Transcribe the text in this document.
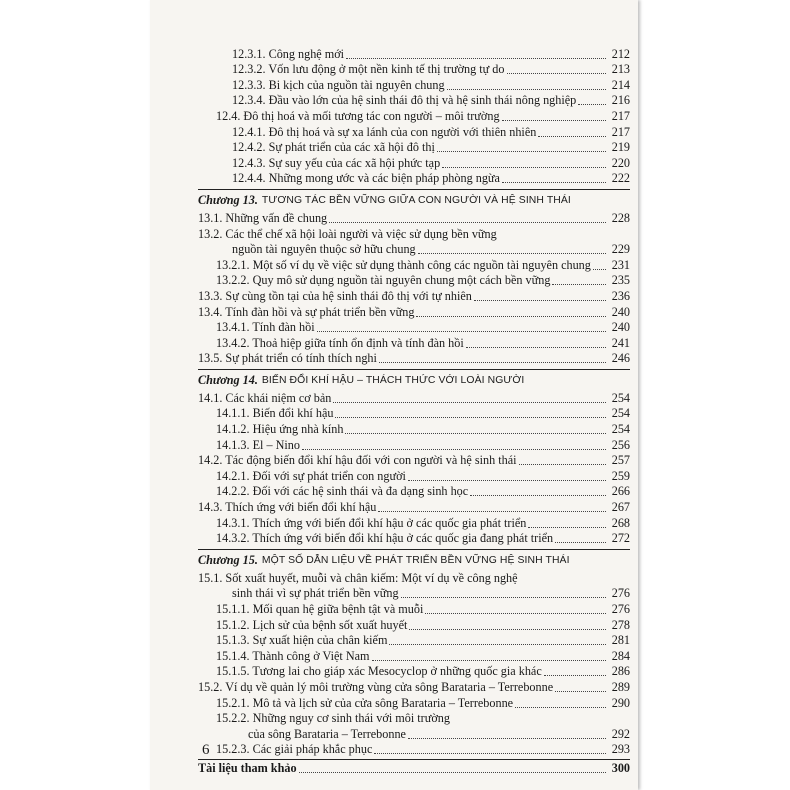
12.3.1. Công nghệ mới	212
12.3.2. Vốn lưu động ở một nền kinh tế thị trường tự do	213
12.3.3. Bi kịch của nguồn tài nguyên chung	214
12.3.4. Đầu vào lớn của hệ sinh thái đô thị và hệ sinh thái nông nghiệp	216
12.4. Đô thị hoá và mối tương tác con người – môi trường	217
12.4.1. Đô thị hoá và sự xa lánh của con người với thiên nhiên	217
12.4.2. Sự phát triển của các xã hội đô thị	219
12.4.3. Sự suy yếu của các xã hội phức tạp	220
12.4.4. Những mong ước và các biện pháp phòng ngừa	222
Chương 13. TƯƠNG TÁC BỀN VỮNG GIỮA CON NGƯỜI VÀ HỆ SINH THÁI
13.1. Những vấn đề chung	228
13.2. Các thể chế xã hội loài người và việc sử dụng bền vững
nguồn tài nguyên thuộc sở hữu chung	229
13.2.1. Một số ví dụ về việc sử dụng thành công các nguồn tài nguyên chung	231
13.2.2. Quy mô sử dụng nguồn tài nguyên chung một cách bền vững	235
13.3. Sự cùng tồn tại của hệ sinh thái đô thị với tự nhiên	236
13.4. Tính đàn hồi và sự phát triển bền vững	240
13.4.1. Tính đàn hồi	240
13.4.2. Thoả hiệp giữa tính ổn định và tính đàn hồi	241
13.5. Sự phát triển có tính thích nghi	246
Chương 14. BIẾN ĐỔI KHÍ HẬU – THÁCH THỨC VỚI LOÀI NGƯỜI
14.1. Các khái niệm cơ bản	254
14.1.1. Biến đổi khí hậu	254
14.1.2. Hiệu ứng nhà kính	254
14.1.3. El – Nino	256
14.2. Tác động biến đổi khí hậu đối với con người và hệ sinh thái	257
14.2.1. Đối với sự phát triển con người	259
14.2.2. Đối với các hệ sinh thái và đa dạng sinh học	266
14.3. Thích ứng với biến đổi khí hậu	267
14.3.1. Thích ứng với biến đổi khí hậu ở các quốc gia phát triển	268
14.3.2. Thích ứng với biến đổi khí hậu ở các quốc gia đang phát triển	272
Chương 15. MỘT SỐ DẪN LIỆU VỀ PHÁT TRIỂN BỀN VỮNG HỆ SINH THÁI
15.1. Sốt xuất huyết, muỗi và chân kiếm: Một ví dụ về công nghệ
sinh thái vì sự phát triển bền vững	276
15.1.1. Mối quan hệ giữa bệnh tật và muỗi	276
15.1.2. Lịch sử của bệnh sốt xuất huyết	278
15.1.3. Sự xuất hiện của chân kiếm	281
15.1.4. Thành công ở Việt Nam	284
15.1.5. Tương lai cho giáp xác Mesocyclop ở những quốc gia khác	286
15.2. Ví dụ về quản lý môi trường vùng cửa sông Barataria – Terrebonne	289
15.2.1. Mô tả và lịch sử của cửa sông Barataria – Terrebonne	290
15.2.2. Những nguy cơ sinh thái với môi trường
của sông Barataria – Terrebonne	292
15.2.3. Các giải pháp khắc phục	293
Tài liệu tham khảo	300
6
